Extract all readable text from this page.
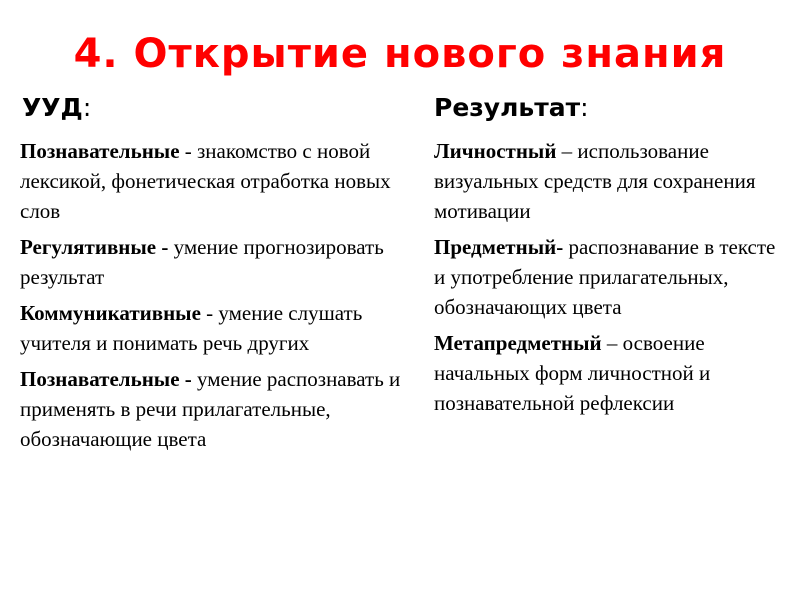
4. Открытие нового знания
УУД:	Результат:
Познавательные - знакомство с новой лексикой, фонетическая отработка новых слов
Регулятивные - умение прогнозировать результат
Коммуникативные - умение слушать учителя и понимать речь других
Познавательные - умение распознавать и применять в речи прилагательные, обозначающие цвета
Личностный – использование визуальных средств для сохранения мотивации
Предметный- распознавание в тексте и употребление прилагательных, обозначающих цвета
Метапредметный – освоение начальных форм личностной и познавательной рефлексии
